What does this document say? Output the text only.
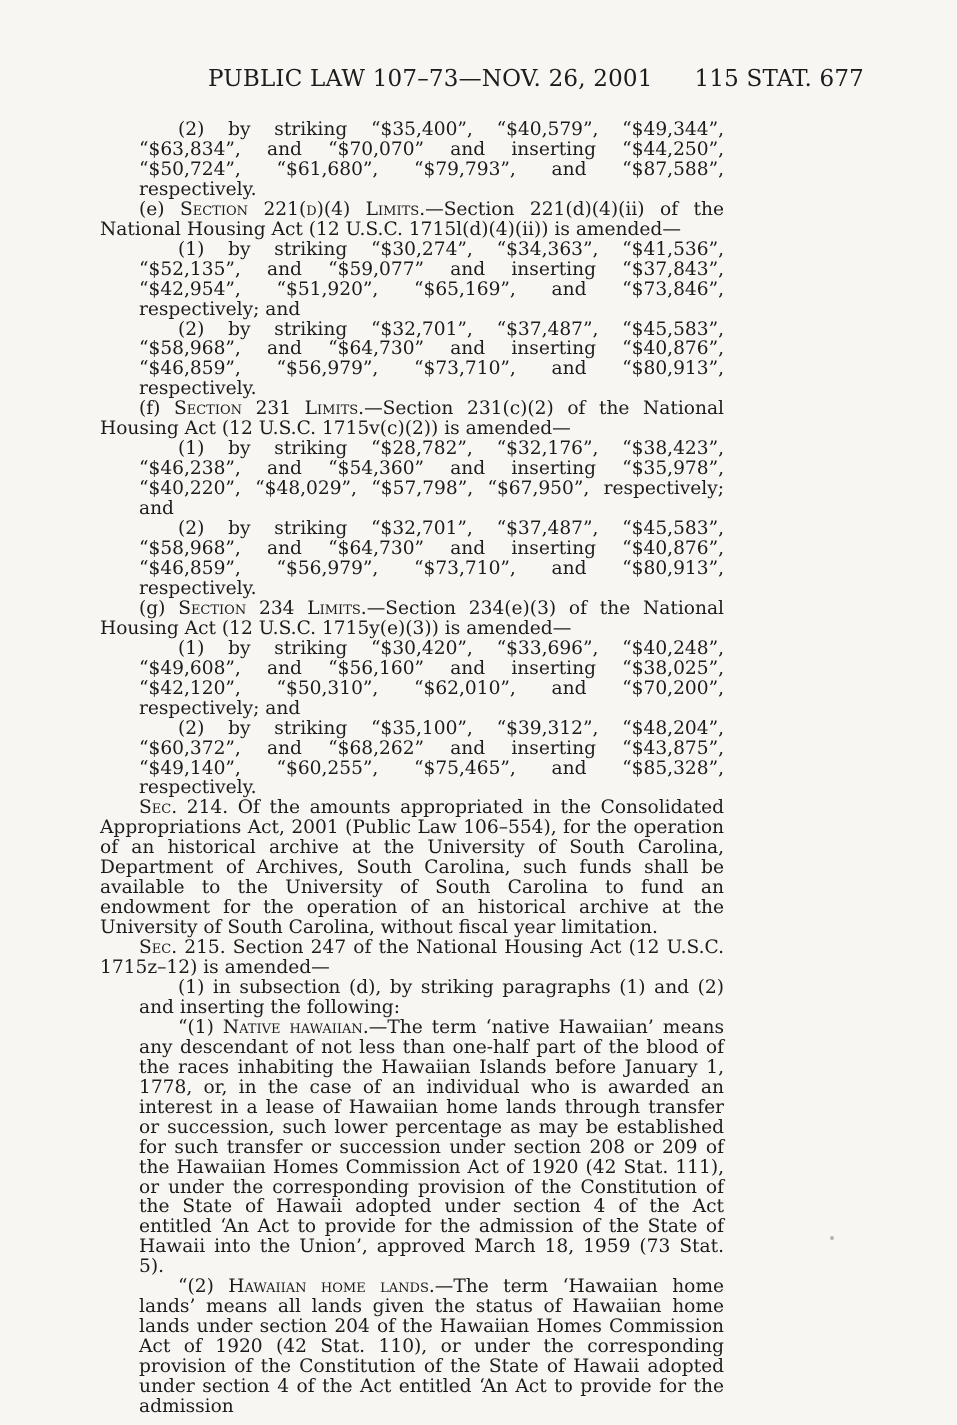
PUBLIC LAW 107–73—NOV. 26, 2001 115 STAT. 677

(2) by striking “$35,400”, “$40,579”, “$49,344”, “$63,834”, and “$70,070” and inserting “$44,250”, “$50,724”, “$61,680”, “$79,793”, and “$87,588”, respectively.

(e) Section 221(d)(4) Limits.—Section 221(d)(4)(ii) of the National Housing Act (12 U.S.C. 1715l(d)(4)(ii)) is amended—

(1) by striking “$30,274”, “$34,363”, “$41,536”, “$52,135”, and “$59,077” and inserting “$37,843”, “$42,954”, “$51,920”, “$65,169”, and “$73,846”, respectively; and

(2) by striking “$32,701”, “$37,487”, “$45,583”, “$58,968”, and “$64,730” and inserting “$40,876”, “$46,859”, “$56,979”, “$73,710”, and “$80,913”, respectively.

(f) Section 231 Limits.—Section 231(c)(2) of the National Housing Act (12 U.S.C. 1715v(c)(2)) is amended—

(1) by striking “$28,782”, “$32,176”, “$38,423”, “$46,238”, and “$54,360” and inserting “$35,978”, “$40,220”, “$48,029”, “$57,798”, “$67,950”, respectively; and

(2) by striking “$32,701”, “$37,487”, “$45,583”, “$58,968”, and “$64,730” and inserting “$40,876”, “$46,859”, “$56,979”, “$73,710”, and “$80,913”, respectively.

(g) Section 234 Limits.—Section 234(e)(3) of the National Housing Act (12 U.S.C. 1715y(e)(3)) is amended—

(1) by striking “$30,420”, “$33,696”, “$40,248”, “$49,608”, and “$56,160” and inserting “$38,025”, “$42,120”, “$50,310”, “$62,010”, and “$70,200”, respectively; and

(2) by striking “$35,100”, “$39,312”, “$48,204”, “$60,372”, and “$68,262” and inserting “$43,875”, “$49,140”, “$60,255”, “$75,465”, and “$85,328”, respectively.

Sec. 214. Of the amounts appropriated in the Consolidated Appropriations Act, 2001 (Public Law 106–554), for the operation of an historical archive at the University of South Carolina, Department of Archives, South Carolina, such funds shall be available to the University of South Carolina to fund an endowment for the operation of an historical archive at the University of South Carolina, without fiscal year limitation.

Sec. 215. Section 247 of the National Housing Act (12 U.S.C. 1715z–12) is amended—

(1) in subsection (d), by striking paragraphs (1) and (2) and inserting the following:

“(1) Native hawaiian.—The term ‘native Hawaiian’ means any descendant of not less than one-half part of the blood of the races inhabiting the Hawaiian Islands before January 1, 1778, or, in the case of an individual who is awarded an interest in a lease of Hawaiian home lands through transfer or succession, such lower percentage as may be established for such transfer or succession under section 208 or 209 of the Hawaiian Homes Commission Act of 1920 (42 Stat. 111), or under the corresponding provision of the Constitution of the State of Hawaii adopted under section 4 of the Act entitled ‘An Act to provide for the admission of the State of Hawaii into the Union’, approved March 18, 1959 (73 Stat. 5).

“(2) Hawaiian home lands.—The term ‘Hawaiian home lands’ means all lands given the status of Hawaiian home lands under section 204 of the Hawaiian Homes Commission Act of 1920 (42 Stat. 110), or under the corresponding provision of the Constitution of the State of Hawaii adopted under section 4 of the Act entitled ‘An Act to provide for the admission
